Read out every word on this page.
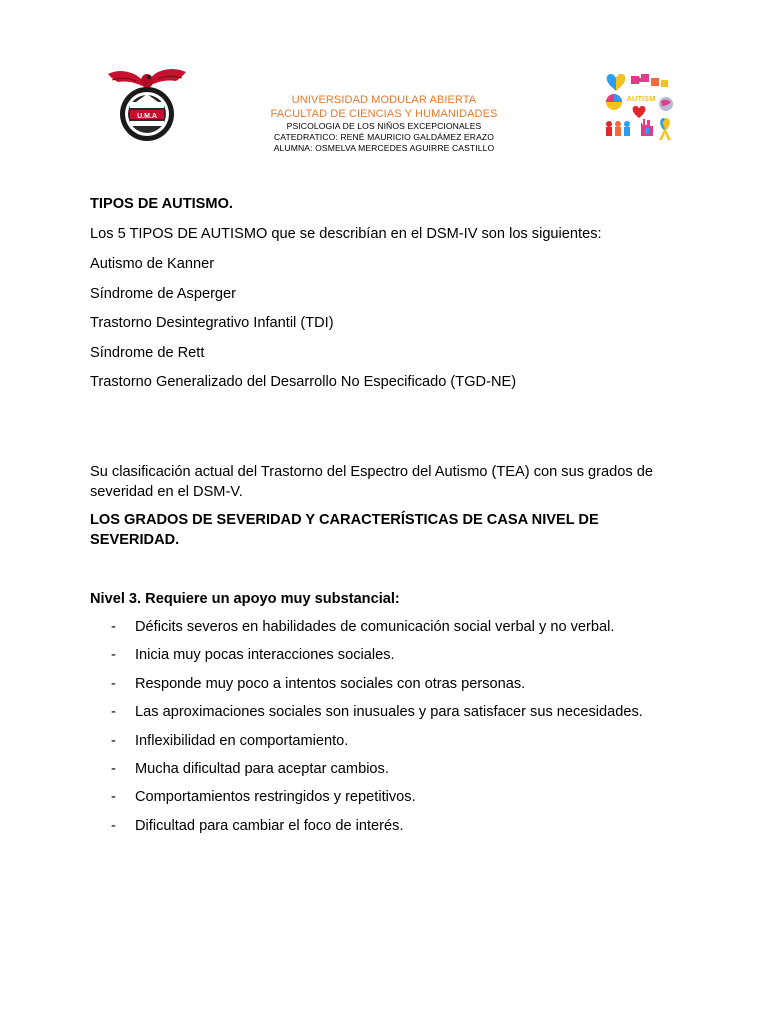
U.M.A
UNIVERSIDAD MODULAR ABIERTA
FACULTAD DE CIENCIAS Y HUMANIDADES
PSICOLOGIA DE LOS NIÑOS EXCEPCIONALES
CATEDRATICO: RENÉ MAURICIO GALDÁMEZ ERAZO
ALUMNA: OSMELVA MERCEDES AGUIRRE CASTILLO
AUTISM

TIPOS DE AUTISMO.

Los 5 TIPOS DE AUTISMO que se describían en el DSM-IV son los siguientes:

Autismo de Kanner
Síndrome de Asperger
Trastorno Desintegrativo Infantil (TDI)
Síndrome de Rett
Trastorno Generalizado del Desarrollo No Especificado (TGD-NE)

Su clasificación actual del Trastorno del Espectro del Autismo (TEA) con sus grados de severidad en el DSM-V.

LOS GRADOS DE SEVERIDAD Y CARACTERÍSTICAS DE CASA NIVEL DE SEVERIDAD.

Nivel 3. Requiere un apoyo muy substancial:

- Déficits severos en habilidades de comunicación social verbal y no verbal.
- Inicia muy pocas interacciones sociales.
- Responde muy poco a intentos sociales con otras personas.
- Las aproximaciones sociales son inusuales y para satisfacer sus necesidades.
- Inflexibilidad en comportamiento.
- Mucha dificultad para aceptar cambios.
- Comportamientos restringidos y repetitivos.
- Dificultad para cambiar el foco de interés.
